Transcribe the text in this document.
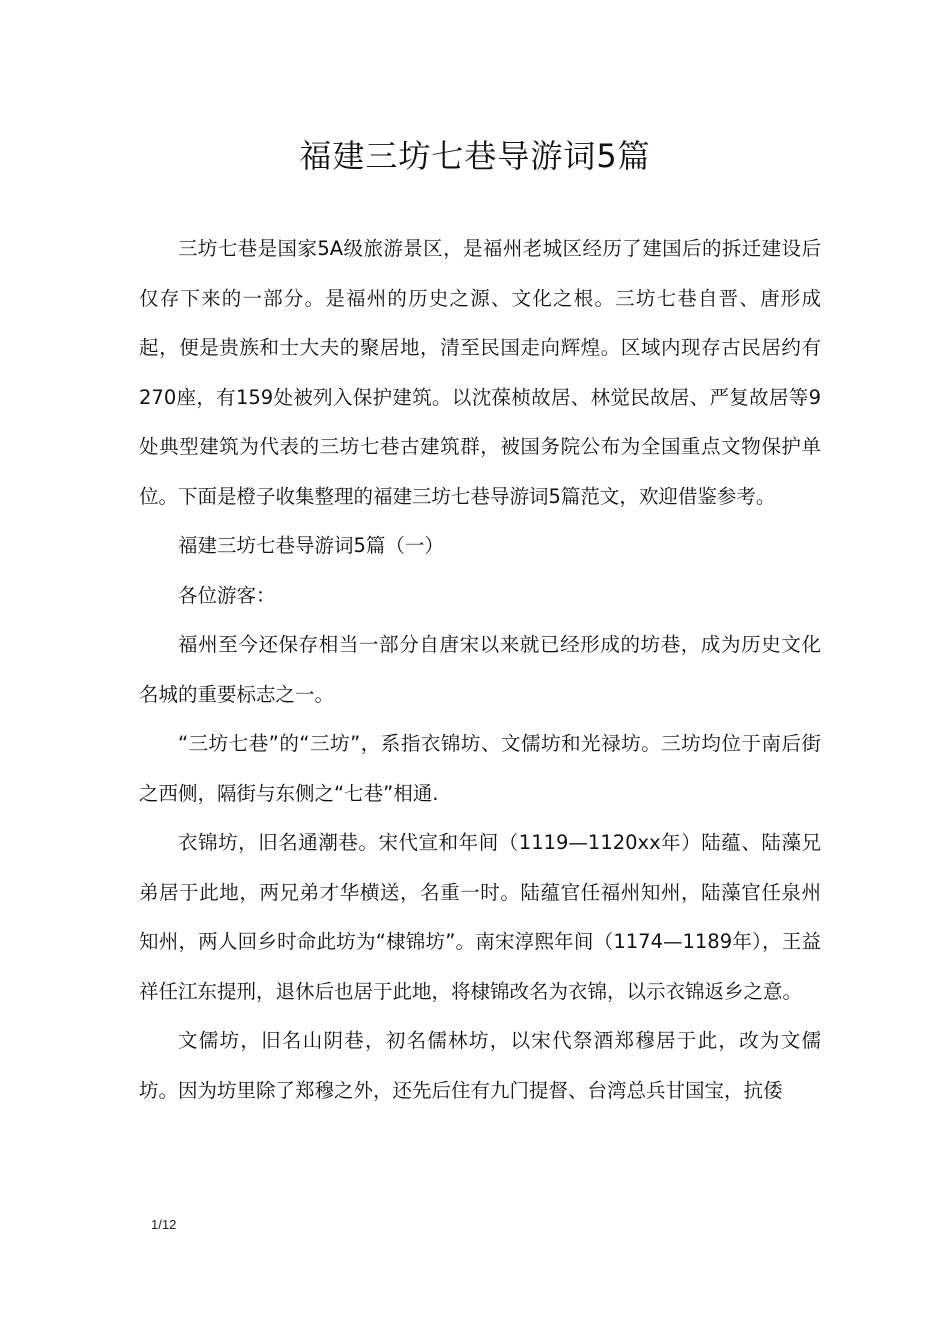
福建三坊七巷导游词5篇

三坊七巷是国家5A级旅游景区，是福州老城区经历了建国后的拆迁建设后仅存下来的一部分。是福州的历史之源、文化之根。三坊七巷自晋、唐形成起，便是贵族和士大夫的聚居地，清至民国走向辉煌。区域内现存古民居约有270座，有159处被列入保护建筑。以沈葆桢故居、林觉民故居、严复故居等9处典型建筑为代表的三坊七巷古建筑群，被国务院公布为全国重点文物保护单位。下面是橙子收集整理的福建三坊七巷导游词5篇范文，欢迎借鉴参考。

福建三坊七巷导游词5篇（一）

各位游客：

福州至今还保存相当一部分自唐宋以来就已经形成的坊巷，成为历史文化名城的重要标志之一。

“三坊七巷”的“三坊”，系指衣锦坊、文儒坊和光禄坊。三坊均位于南后街之西侧，隔街与东侧之“七巷”相通.

衣锦坊，旧名通潮巷。宋代宣和年间（1119—1120xx年）陆蕴、陆藻兄弟居于此地，两兄弟才华横送，名重一时。陆蕴官任福州知州，陆藻官任泉州知州，两人回乡时命此坊为“棣锦坊”。南宋淳熙年间（1174—1189年），王益祥任江东提刑，退休后也居于此地，将棣锦改名为衣锦，以示衣锦返乡之意。

文儒坊，旧名山阴巷，初名儒林坊，以宋代祭酒郑穆居于此，改为文儒坊。因为坊里除了郑穆之外，还先后住有九门提督、台湾总兵甘国宝，抗倭

1/12
